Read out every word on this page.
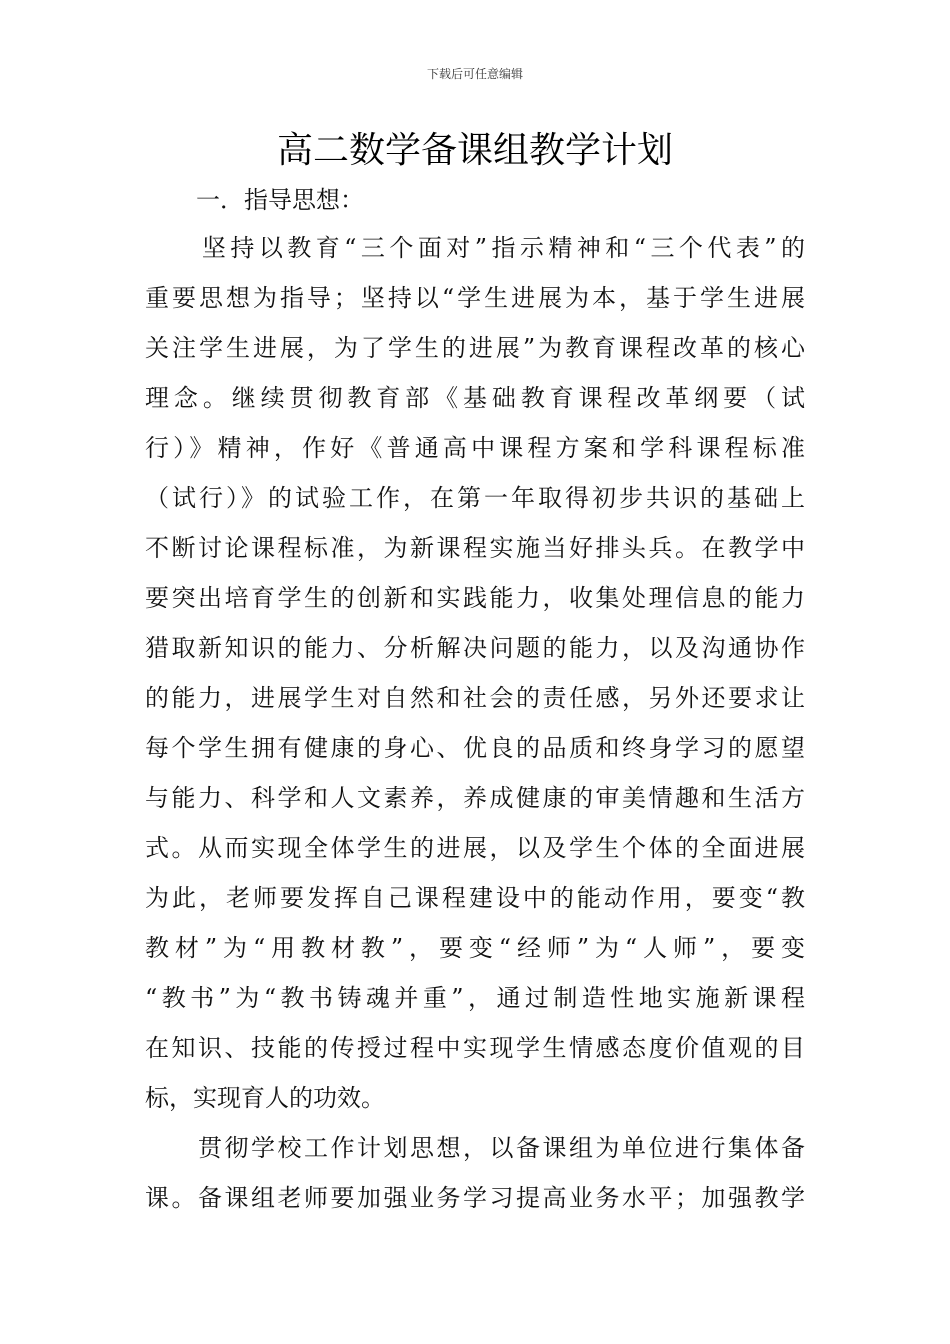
下载后可任意编辑
高二数学备课组教学计划
一．指导思想：
　　坚持以教育“三个面对”指示精神和“三个代表”的
重要思想为指导；坚持以“学生进展为本，基于学生进展
关注学生进展，为了学生的进展”为教育课程改革的核心
理念。继续贯彻教育部《基础教育课程改革纲要（试
行）》精神，作好《普通高中课程方案和学科课程标准
（试行）》的试验工作，在第一年取得初步共识的基础上
不断讨论课程标准，为新课程实施当好排头兵。在教学中
要突出培育学生的创新和实践能力，收集处理信息的能力
猎取新知识的能力、分析解决问题的能力，以及沟通协作
的能力，进展学生对自然和社会的责任感，另外还要求让
每个学生拥有健康的身心、优良的品质和终身学习的愿望
与能力、科学和人文素养，养成健康的审美情趣和生活方
式。从而实现全体学生的进展，以及学生个体的全面进展
为此，老师要发挥自己课程建设中的能动作用，要变“教
教材”为“用教材教”，要变“经师”为“人师”，要变
“教书”为“教书铸魂并重”，通过制造性地实施新课程
在知识、技能的传授过程中实现学生情感态度价值观的目
标，实现育人的功效。
　　贯彻学校工作计划思想，以备课组为单位进行集体备
课。备课组老师要加强业务学习提高业务水平；加强教学
